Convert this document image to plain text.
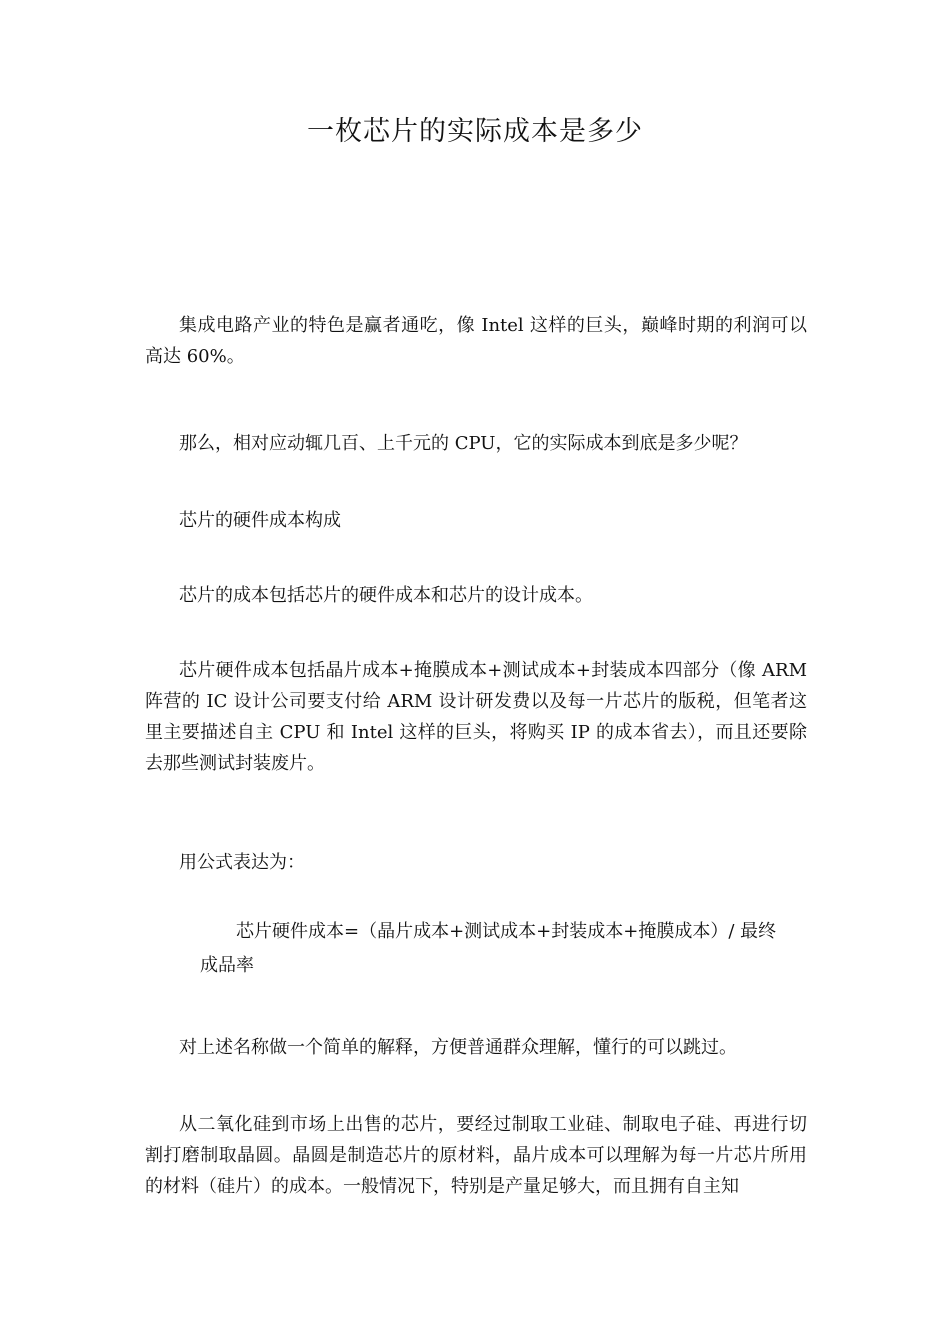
一枚芯片的实际成本是多少

集成电路产业的特色是赢者通吃，像 Intel 这样的巨头，巅峰时期的利润可以高达 60%。

那么，相对应动辄几百、上千元的 CPU，它的实际成本到底是多少呢？

芯片的硬件成本构成

芯片的成本包括芯片的硬件成本和芯片的设计成本。

芯片硬件成本包括晶片成本+掩膜成本+测试成本+封装成本四部分（像 ARM 阵营的 IC 设计公司要支付给 ARM 设计研发费以及每一片芯片的版税，但笔者这里主要描述自主 CPU 和 Intel 这样的巨头，将购买 IP 的成本省去），而且还要除去那些测试封装废片。

用公式表达为：

芯片硬件成本=（晶片成本+测试成本+封装成本+掩膜成本）/ 最终成品率

对上述名称做一个简单的解释，方便普通群众理解，懂行的可以跳过。

从二氧化硅到市场上出售的芯片，要经过制取工业硅、制取电子硅、再进行切割打磨制取晶圆。晶圆是制造芯片的原材料，晶片成本可以理解为每一片芯片所用的材料（硅片）的成本。一般情况下，特别是产量足够大，而且拥有自主知
